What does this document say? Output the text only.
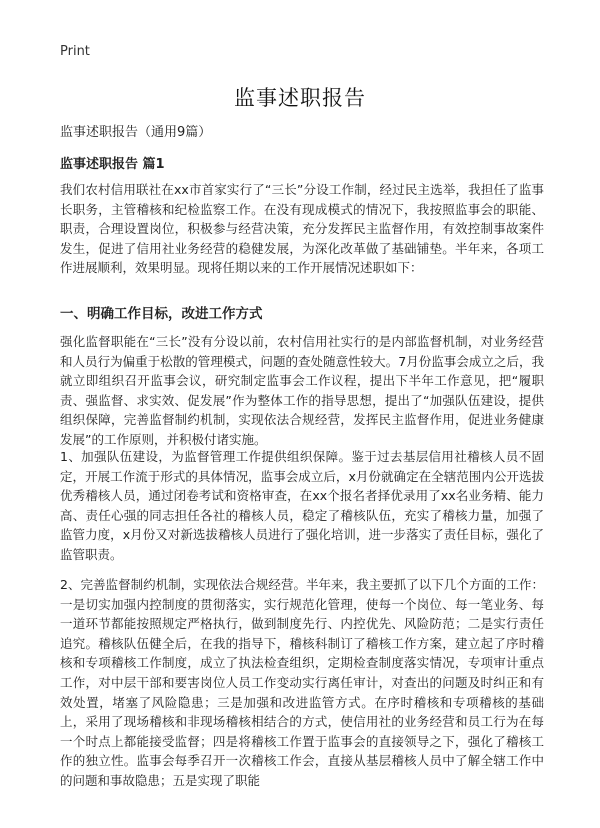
Print
监事述职报告
监事述职报告（通用9篇）
监事述职报告 篇1

我们农村信用联社在xx市首家实行了“三长”分设工作制，经过民主选举，我担任了监事长职务，主管稽核和纪检监察工作。在没有现成模式的情况下，我按照监事会的职能、职责，合理设置岗位，积极参与经营决策，充分发挥民主监督作用，有效控制事故案件发生，促进了信用社业务经营的稳健发展，为深化改革做了基础铺垫。半年来，各项工作进展顺利，效果明显。现将任期以来的工作开展情况述职如下：

一、明确工作目标，改进工作方式

强化监督职能在“三长”没有分设以前，农村信用社实行的是内部监督机制，对业务经营和人员行为偏重于松散的管理模式，问题的查处随意性较大。7月份监事会成立之后，我就立即组织召开监事会议，研究制定监事会工作议程，提出下半年工作意见，把“履职责、强监督、求实效、促发展”作为整体工作的指导思想，提出了“加强队伍建设，提供组织保障，完善监督制约机制，实现依法合规经营，发挥民主监督作用，促进业务健康发展”的工作原则，并积极付诸实施。

1、加强队伍建设，为监督管理工作提供组织保障。鉴于过去基层信用社稽核人员不固定，开展工作流于形式的具体情况，监事会成立后，x月份就确定在全辖范围内公开选拔优秀稽核人员，通过闭卷考试和资格审查，在xx个报名者择优录用了xx名业务精、能力高、责任心强的同志担任各社的稽核人员，稳定了稽核队伍，充实了稽核力量，加强了监管力度，x月份又对新选拔稽核人员进行了强化培训，进一步落实了责任目标，强化了监管职责。

2、完善监督制约机制，实现依法合规经营。半年来，我主要抓了以下几个方面的工作：一是切实加强内控制度的贯彻落实，实行规范化管理，使每一个岗位、每一笔业务、每一道环节都能按照规定严格执行，做到制度先行、内控优先、风险防范；二是实行责任追究。稽核队伍健全后，在我的指导下，稽核科制订了稽核工作方案，建立起了序时稽核和专项稽核工作制度，成立了执法检查组织，定期检查制度落实情况，专项审计重点工作，对中层干部和要害岗位人员工作变动实行离任审计，对查出的问题及时纠正和有效处置，堵塞了风险隐患；三是加强和改进监管方式。在序时稽核和专项稽核的基础上，采用了现场稽核和非现场稽核相结合的方式，使信用社的业务经营和员工行为在每一个时点上都能接受监督；四是将稽核工作置于监事会的直接领导之下，强化了稽核工作的独立性。监事会每季召开一次稽核工作会，直接从基层稽核人员中了解全辖工作中的问题和事故隐患；五是实现了职能
